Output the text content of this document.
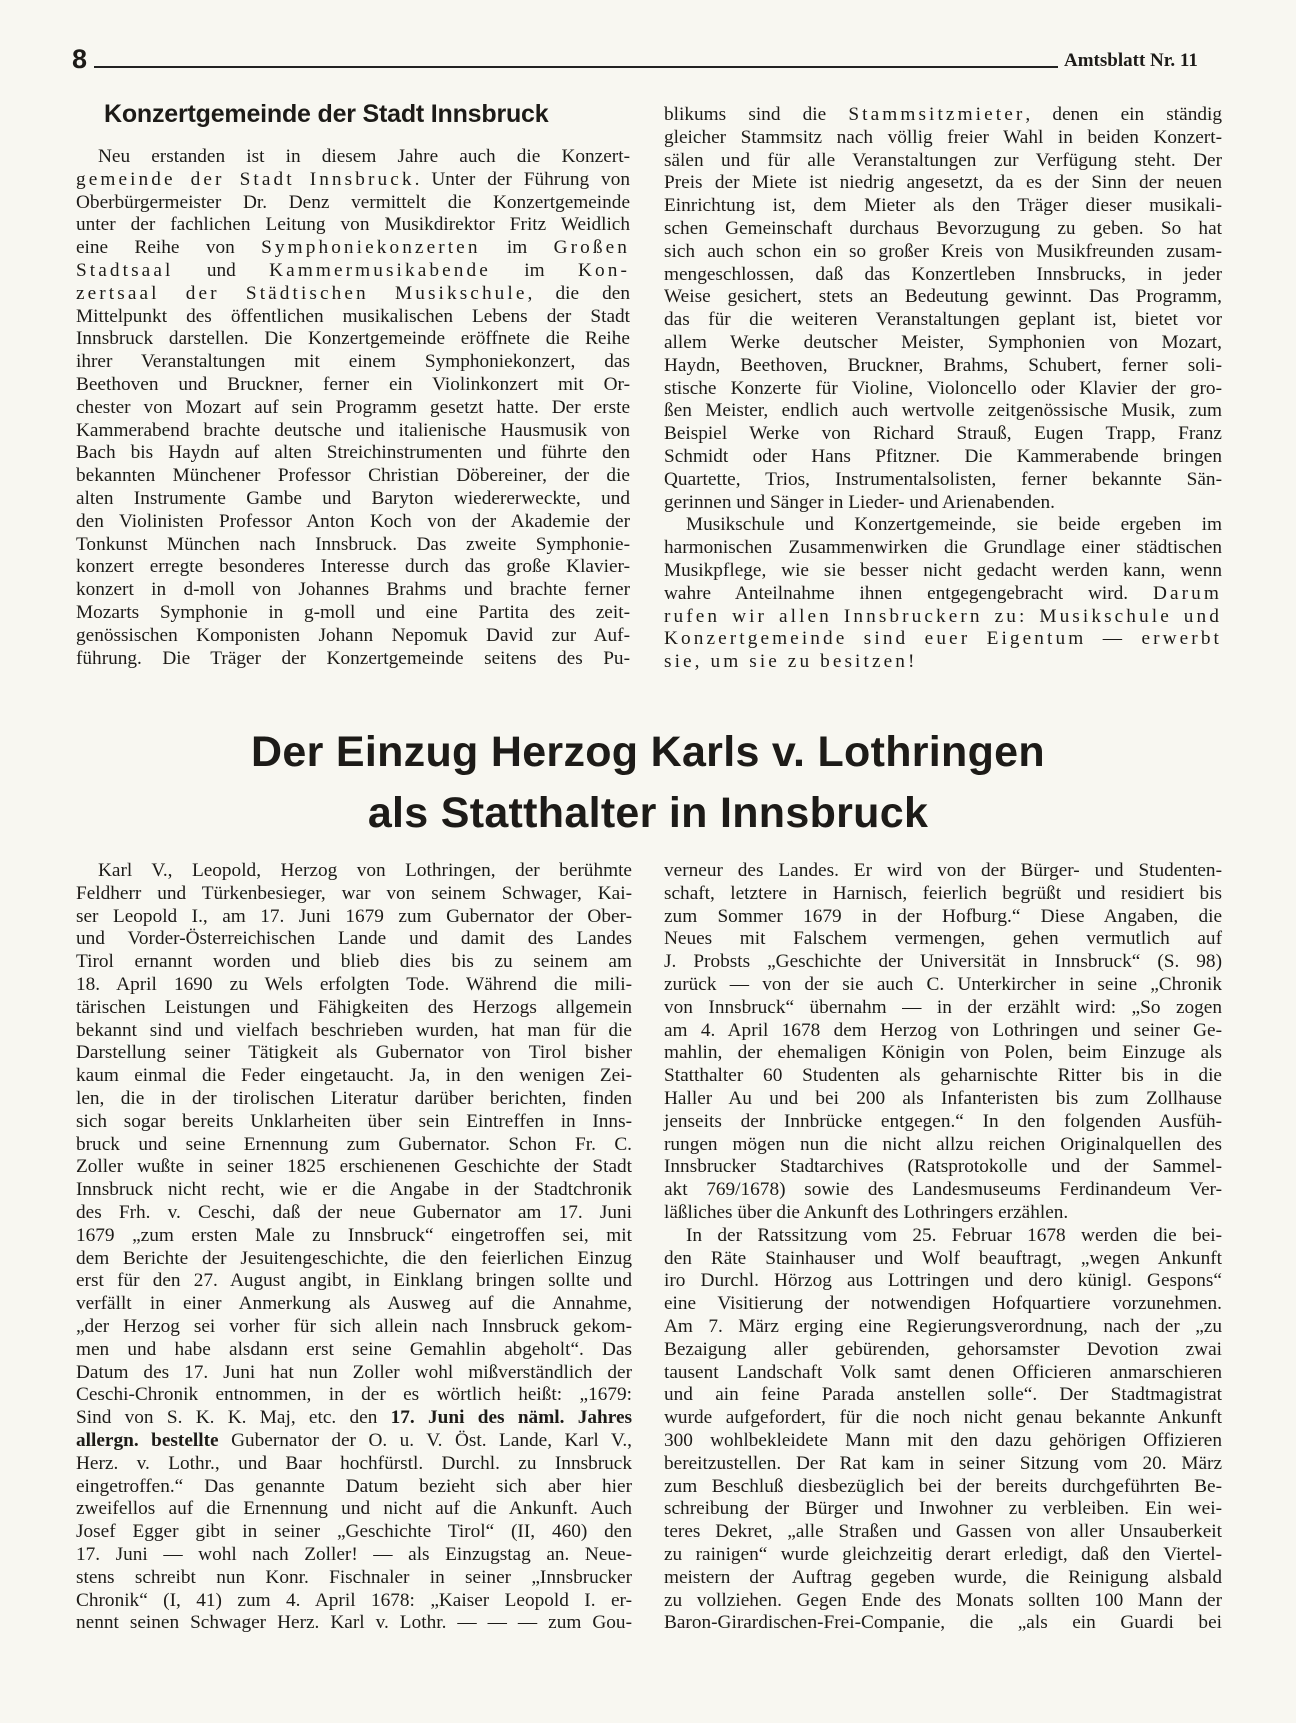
8	Amtsblatt Nr. 11
Konzertgemeinde der Stadt Innsbruck
Neu erstanden ist in diesem Jahre auch die Konzert-
gemeinde der Stadt Innsbruck. Unter der Führung von
Oberbürgermeister Dr. Denz vermittelt die Konzertgemeinde
unter der fachlichen Leitung von Musikdirektor Fritz Weidlich
eine Reihe von Symphoniekonzerten im Großen
Stadtsaal und Kammermusikabende im Kon-
zertsaal der Städtischen Musikschule, die den
Mittelpunkt des öffentlichen musikalischen Lebens der Stadt
Innsbruck darstellen. Die Konzertgemeinde eröffnete die Reihe
ihrer Veranstaltungen mit einem Symphoniekonzert, das
Beethoven und Bruckner, ferner ein Violinkonzert mit Or-
chester von Mozart auf sein Programm gesetzt hatte. Der erste
Kammerabend brachte deutsche und italienische Hausmusik von
Bach bis Haydn auf alten Streichinstrumenten und führte den
bekannten Münchener Professor Christian Döbereiner, der die
alten Instrumente Gambe und Baryton wiedererweckte, und
den Violinisten Professor Anton Koch von der Akademie der
Tonkunst München nach Innsbruck. Das zweite Symphonie-
konzert erregte besonderes Interesse durch das große Klavier-
konzert in d-moll von Johannes Brahms und brachte ferner
Mozarts Symphonie in g-moll und eine Partita des zeit-
genössischen Komponisten Johann Nepomuk David zur Auf-
führung. Die Träger der Konzertgemeinde seitens des Pu-
blikums sind die Stammsitzmieter, denen ein ständig
gleicher Stammsitz nach völlig freier Wahl in beiden Konzert-
sälen und für alle Veranstaltungen zur Verfügung steht. Der
Preis der Miete ist niedrig angesetzt, da es der Sinn der neuen
Einrichtung ist, dem Mieter als den Träger dieser musikali-
schen Gemeinschaft durchaus Bevorzugung zu geben. So hat
sich auch schon ein so großer Kreis von Musikfreunden zusam-
mengeschlossen, daß das Konzertleben Innsbrucks, in jeder
Weise gesichert, stets an Bedeutung gewinnt. Das Programm,
das für die weiteren Veranstaltungen geplant ist, bietet vor
allem Werke deutscher Meister, Symphonien von Mozart,
Haydn, Beethoven, Bruckner, Brahms, Schubert, ferner soli-
stische Konzerte für Violine, Violoncello oder Klavier der gro-
ßen Meister, endlich auch wertvolle zeitgenössische Musik, zum
Beispiel Werke von Richard Strauß, Eugen Trapp, Franz
Schmidt oder Hans Pfitzner. Die Kammerabende bringen
Quartette, Trios, Instrumentalsolisten, ferner bekannte Sän-
gerinnen und Sänger in Lieder- und Arienabenden.
Musikschule und Konzertgemeinde, sie beide ergeben im
harmonischen Zusammenwirken die Grundlage einer städtischen
Musikpflege, wie sie besser nicht gedacht werden kann, wenn
wahre Anteilnahme ihnen entgegengebracht wird. Darum
rufen wir allen Innsbruckern zu: Musikschule und
Konzertgemeinde sind euer Eigentum — erwerbt
sie, um sie zu besitzen!
Der Einzug Herzog Karls v. Lothringen
als Statthalter in Innsbruck
Karl V., Leopold, Herzog von Lothringen, der berühmte
Feldherr und Türkenbesieger, war von seinem Schwager, Kai-
ser Leopold I., am 17. Juni 1679 zum Gubernator der Ober-
und Vorder-Österreichischen Lande und damit des Landes
Tirol ernannt worden und blieb dies bis zu seinem am
18. April 1690 zu Wels erfolgten Tode. Während die mili-
tärischen Leistungen und Fähigkeiten des Herzogs allgemein
bekannt sind und vielfach beschrieben wurden, hat man für die
Darstellung seiner Tätigkeit als Gubernator von Tirol bisher
kaum einmal die Feder eingetaucht. Ja, in den wenigen Zei-
len, die in der tirolischen Literatur darüber berichten, finden
sich sogar bereits Unklarheiten über sein Eintreffen in Inns-
bruck und seine Ernennung zum Gubernator. Schon Fr. C.
Zoller wußte in seiner 1825 erschienenen Geschichte der Stadt
Innsbruck nicht recht, wie er die Angabe in der Stadtchronik
des Frh. v. Ceschi, daß der neue Gubernator am 17. Juni
1679 „zum ersten Male zu Innsbruck“ eingetroffen sei, mit
dem Berichte der Jesuitengeschichte, die den feierlichen Einzug
erst für den 27. August angibt, in Einklang bringen sollte und
verfällt in einer Anmerkung als Ausweg auf die Annahme,
„der Herzog sei vorher für sich allein nach Innsbruck gekom-
men und habe alsdann erst seine Gemahlin abgeholt“. Das
Datum des 17. Juni hat nun Zoller wohl mißverständlich der
Ceschi-Chronik entnommen, in der es wörtlich heißt: „1679:
Sind von S. K. K. Maj, etc. den 17. Juni des näml. Jahres
allergn. bestellte Gubernator der O. u. V. Öst. Lande, Karl V.,
Herz. v. Lothr., und Baar hochfürstl. Durchl. zu Innsbruck
eingetroffen.“ Das genannte Datum bezieht sich aber hier
zweifellos auf die Ernennung und nicht auf die Ankunft. Auch
Josef Egger gibt in seiner „Geschichte Tirol“ (II, 460) den
17. Juni — wohl nach Zoller! — als Einzugstag an. Neue-
stens schreibt nun Konr. Fischnaler in seiner „Innsbrucker
Chronik“ (I, 41) zum 4. April 1678: „Kaiser Leopold I. er-
nennt seinen Schwager Herz. Karl v. Lothr. — — — zum Gou-
verneur des Landes. Er wird von der Bürger- und Studenten-
schaft, letztere in Harnisch, feierlich begrüßt und residiert bis
zum Sommer 1679 in der Hofburg.“ Diese Angaben, die
Neues mit Falschem vermengen, gehen vermutlich auf
J. Probsts „Geschichte der Universität in Innsbruck“ (S. 98)
zurück — von der sie auch C. Unterkircher in seine „Chronik
von Innsbruck“ übernahm — in der erzählt wird: „So zogen
am 4. April 1678 dem Herzog von Lothringen und seiner Ge-
mahlin, der ehemaligen Königin von Polen, beim Einzuge als
Statthalter 60 Studenten als geharnischte Ritter bis in die
Haller Au und bei 200 als Infanteristen bis zum Zollhause
jenseits der Innbrücke entgegen.“ In den folgenden Ausfüh-
rungen mögen nun die nicht allzu reichen Originalquellen des
Innsbrucker Stadtarchives (Ratsprotokolle und der Sammel-
akt 769/1678) sowie des Landesmuseums Ferdinandeum Ver-
läßliches über die Ankunft des Lothringers erzählen.
In der Ratssitzung vom 25. Februar 1678 werden die bei-
den Räte Stainhauser und Wolf beauftragt, „wegen Ankunft
iro Durchl. Hörzog aus Lottringen und dero künigl. Gespons“
eine Visitierung der notwendigen Hofquartiere vorzunehmen.
Am 7. März erging eine Regierungsverordnung, nach der „zu
Bezaigung aller gebürenden, gehorsamster Devotion zwai
tausent Landschaft Volk samt denen Officieren anmarschieren
und ain feine Parada anstellen solle“. Der Stadtmagistrat
wurde aufgefordert, für die noch nicht genau bekannte Ankunft
300 wohlbekleidete Mann mit den dazu gehörigen Offizieren
bereitzustellen. Der Rat kam in seiner Sitzung vom 20. März
zum Beschluß diesbezüglich bei der bereits durchgeführten Be-
schreibung der Bürger und Inwohner zu verbleiben. Ein wei-
teres Dekret, „alle Straßen und Gassen von aller Unsauberkeit
zu rainigen“ wurde gleichzeitig derart erledigt, daß den Viertel-
meistern der Auftrag gegeben wurde, die Reinigung alsbald
zu vollziehen. Gegen Ende des Monats sollten 100 Mann der
Baron-Girardischen-Frei-Companie, die „als ein Guardi bei
